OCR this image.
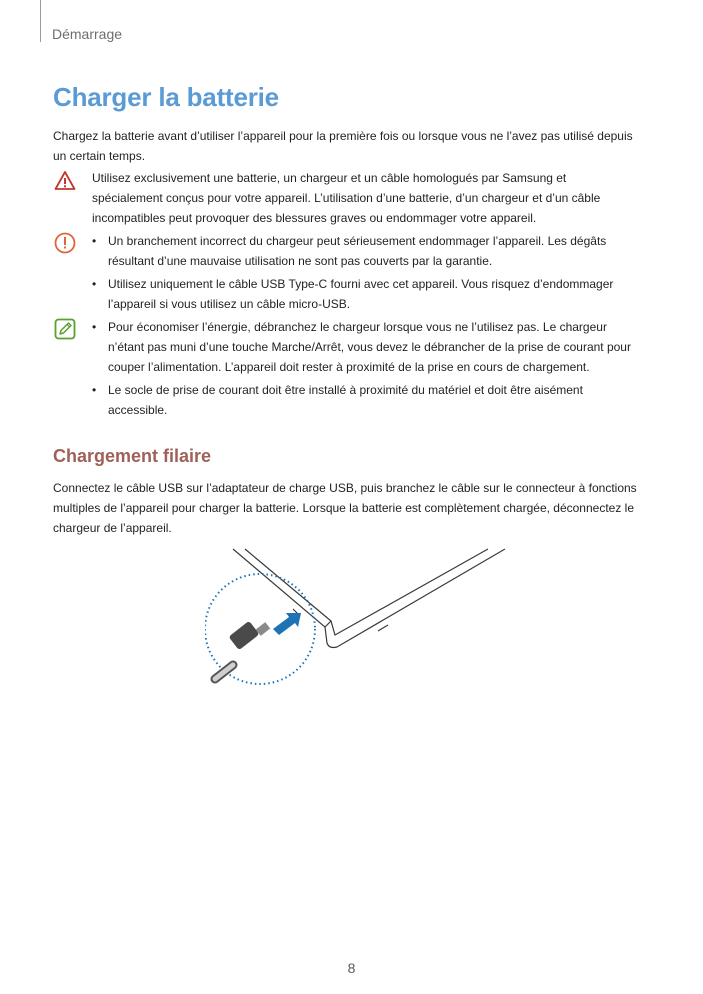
Démarrage
Charger la batterie

Chargez la batterie avant d’utiliser l’appareil pour la première fois ou lorsque vous ne l’avez pas utilisé depuis un certain temps.

Utilisez exclusivement une batterie, un chargeur et un câble homologués par Samsung et spécialement conçus pour votre appareil. L’utilisation d’une batterie, d’un chargeur et d’un câble incompatibles peut provoquer des blessures graves ou endommager votre appareil.

• Un branchement incorrect du chargeur peut sérieusement endommager l’appareil. Les dégâts résultant d’une mauvaise utilisation ne sont pas couverts par la garantie.
• Utilisez uniquement le câble USB Type-C fourni avec cet appareil. Vous risquez d’endommager l’appareil si vous utilisez un câble micro-USB.
• Pour économiser l’énergie, débranchez le chargeur lorsque vous ne l’utilisez pas. Le chargeur n’étant pas muni d’une touche Marche/Arrêt, vous devez le débrancher de la prise de courant pour couper l’alimentation. L’appareil doit rester à proximité de la prise en cours de chargement.
• Le socle de prise de courant doit être installé à proximité du matériel et doit être aisément accessible.
Chargement filaire

Connectez le câble USB sur l’adaptateur de charge USB, puis branchez le câble sur le connecteur à fonctions multiples de l’appareil pour charger la batterie. Lorsque la batterie est complètement chargée, déconnectez le chargeur de l’appareil.

8
